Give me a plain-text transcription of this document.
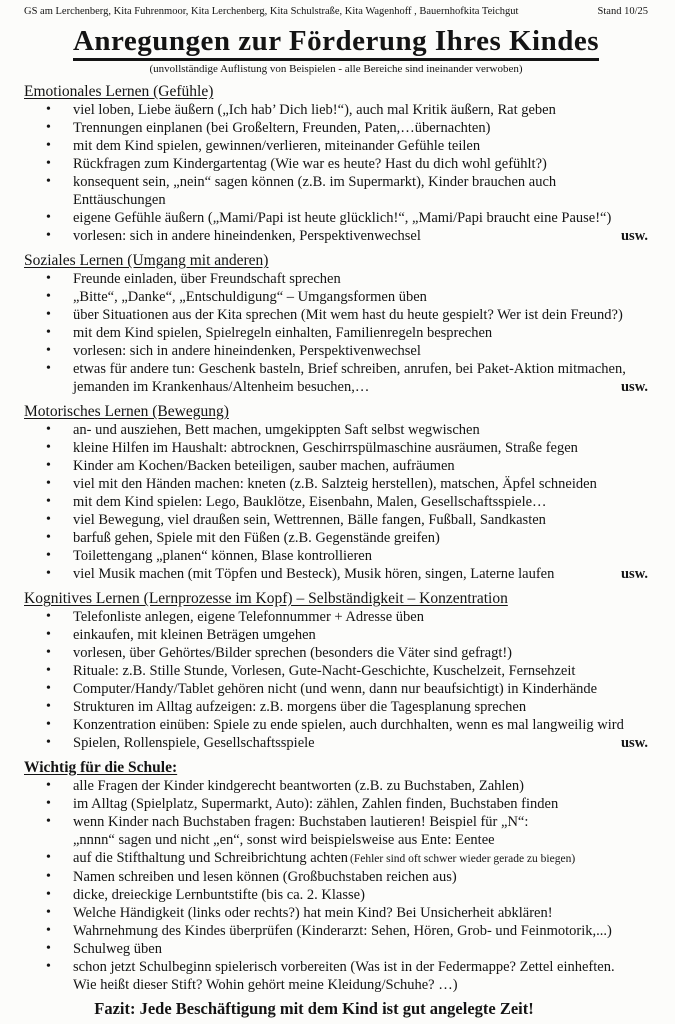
GS am Lerchenberg, Kita Fuhrenmoor, Kita Lerchenberg, Kita Schulstraße, Kita Wagenhoff , Bauernhofkita Teichgut	Stand 10/25
Anregungen zur Förderung Ihres Kindes
(unvollständige Auflistung von Beispielen - alle Bereiche sind ineinander verwoben)
Emotionales Lernen (Gefühle)
• viel loben, Liebe äußern („Ich hab’ Dich lieb!“), auch mal Kritik äußern, Rat geben
• Trennungen einplanen (bei Großeltern, Freunden, Paten,…übernachten)
• mit dem Kind spielen, gewinnen/verlieren, miteinander Gefühle teilen
• Rückfragen zum Kindergartentag (Wie war es heute? Hast du dich wohl gefühlt?)
• konsequent sein, „nein“ sagen können (z.B. im Supermarkt), Kinder brauchen auch
Enttäuschungen
• eigene Gefühle äußern („Mami/Papi ist heute glücklich!“, „Mami/Papi braucht eine Pause!“)
• vorlesen: sich in andere hineindenken, Perspektivenwechsel	usw.
Soziales Lernen (Umgang mit anderen)
• Freunde einladen, über Freundschaft sprechen
• „Bitte“, „Danke“, „Entschuldigung“ – Umgangsformen üben
• über Situationen aus der Kita sprechen (Mit wem hast du heute gespielt? Wer ist dein Freund?)
• mit dem Kind spielen, Spielregeln einhalten, Familienregeln besprechen
• vorlesen: sich in andere hineindenken, Perspektivenwechsel
• etwas für andere tun: Geschenk basteln, Brief schreiben, anrufen, bei Paket-Aktion mitmachen,
jemanden im Krankenhaus/Altenheim besuchen,…	usw.
Motorisches Lernen (Bewegung)
• an- und ausziehen, Bett machen, umgekippten Saft selbst wegwischen
• kleine Hilfen im Haushalt: abtrocknen, Geschirrspülmaschine ausräumen, Straße fegen
• Kinder am Kochen/Backen beteiligen, sauber machen, aufräumen
• viel mit den Händen machen: kneten (z.B. Salzteig herstellen), matschen, Äpfel schneiden
• mit dem Kind spielen: Lego, Bauklötze, Eisenbahn, Malen, Gesellschaftsspiele…
• viel Bewegung, viel draußen sein, Wettrennen, Bälle fangen, Fußball, Sandkasten
• barfuß gehen, Spiele mit den Füßen (z.B. Gegenstände greifen)
• Toilettengang „planen“ können, Blase kontrollieren
• viel Musik machen (mit Töpfen und Besteck), Musik hören, singen, Laterne laufen	usw.
Kognitives Lernen (Lernprozesse im Kopf) – Selbständigkeit – Konzentration
• Telefonliste anlegen, eigene Telefonnummer + Adresse üben
• einkaufen, mit kleinen Beträgen umgehen
• vorlesen, über Gehörtes/Bilder sprechen (besonders die Väter sind gefragt!)
• Rituale: z.B. Stille Stunde, Vorlesen, Gute-Nacht-Geschichte, Kuschelzeit, Fernsehzeit
• Computer/Handy/Tablet gehören nicht (und wenn, dann nur beaufsichtigt) in Kinderhände
• Strukturen im Alltag aufzeigen: z.B. morgens über die Tagesplanung sprechen
• Konzentration einüben: Spiele zu ende spielen, auch durchhalten, wenn es mal langweilig wird
• Spielen, Rollenspiele, Gesellschaftsspiele	usw.
Wichtig für die Schule:
• alle Fragen der Kinder kindgerecht beantworten (z.B. zu Buchstaben, Zahlen)
• im Alltag (Spielplatz, Supermarkt, Auto): zählen, Zahlen finden, Buchstaben finden
• wenn Kinder nach Buchstaben fragen: Buchstaben lautieren! Beispiel für „N“:
„nnnn“ sagen und nicht „en“, sonst wird beispielsweise aus Ente: Eentee
• auf die Stifthaltung und Schreibrichtung achten (Fehler sind oft schwer wieder gerade zu biegen)
• Namen schreiben und lesen können (Großbuchstaben reichen aus)
• dicke, dreieckige Lernbuntstifte (bis ca. 2. Klasse)
• Welche Händigkeit (links oder rechts?) hat mein Kind? Bei Unsicherheit abklären!
• Wahrnehmung des Kindes überprüfen (Kinderarzt: Sehen, Hören, Grob- und Feinmotorik,...)
• Schulweg üben
• schon jetzt Schulbeginn spielerisch vorbereiten (Was ist in der Federmappe? Zettel einheften.
Wie heißt dieser Stift? Wohin gehört meine Kleidung/Schuhe? …)
Fazit: Jede Beschäftigung mit dem Kind ist gut angelegte Zeit!
